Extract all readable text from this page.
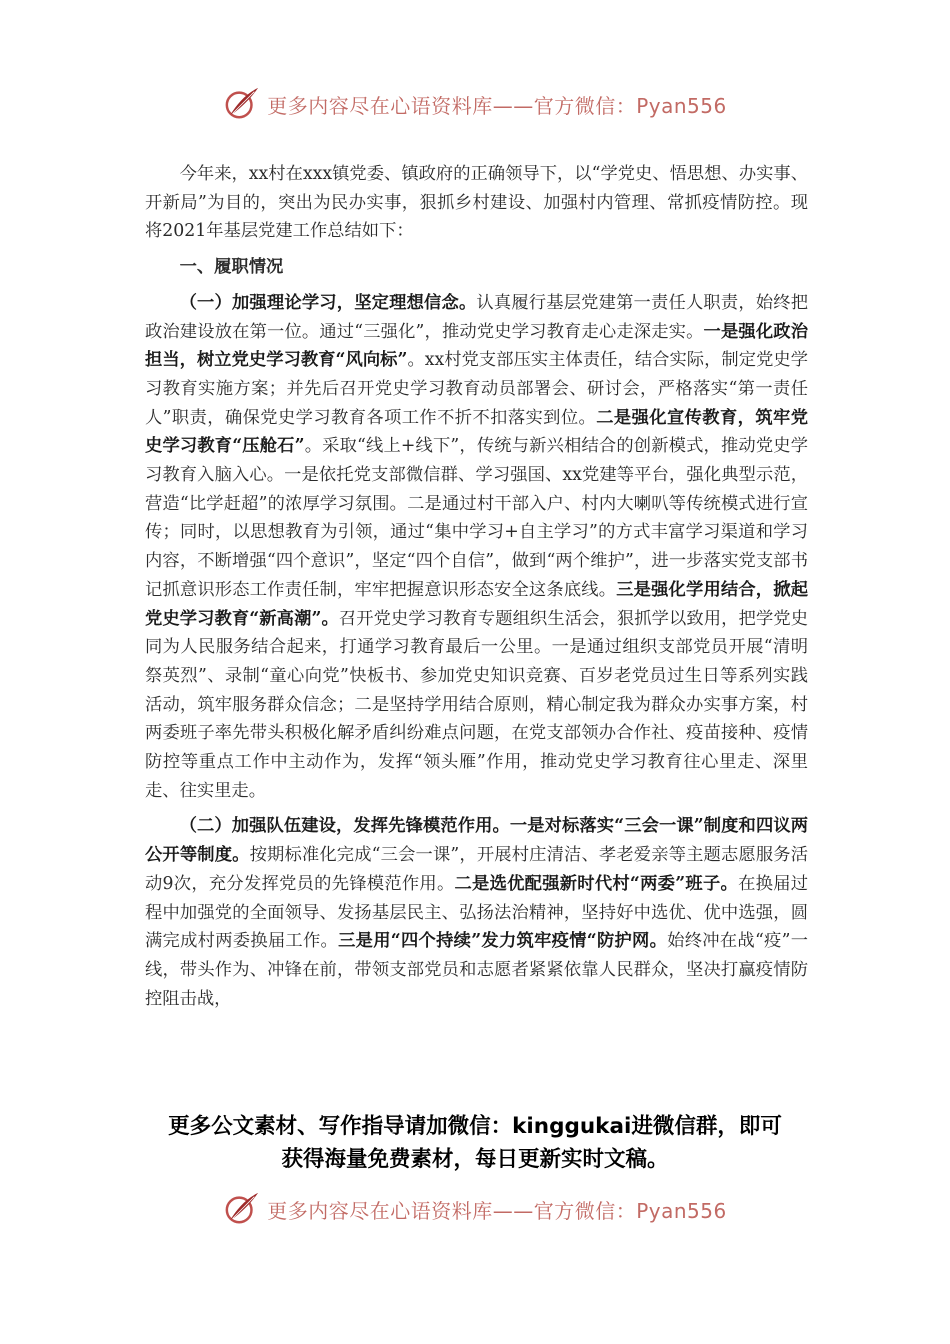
更多内容尽在心语资料库——官方微信：Pyan556

今年来，xx村在xxx镇党委、镇政府的正确领导下，以“学党史、悟思想、办实事、开新局”为目的，突出为民办实事，狠抓乡村建设、加强村内管理、常抓疫情防控。现将2021年基层党建工作总结如下：

一、履职情况

（一）加强理论学习，坚定理想信念。认真履行基层党建第一责任人职责，始终把政治建设放在第一位。通过“三强化”，推动党史学习教育走心走深走实。一是强化政治担当，树立党史学习教育“风向标”。xx村党支部压实主体责任，结合实际，制定党史学习教育实施方案；并先后召开党史学习教育动员部署会、研讨会，严格落实“第一责任人”职责，确保党史学习教育各项工作不折不扣落实到位。二是强化宣传教育，筑牢党史学习教育“压舱石”。采取“线上+线下”，传统与新兴相结合的创新模式，推动党史学习教育入脑入心。一是依托党支部微信群、学习强国、xx党建等平台，强化典型示范，营造“比学赶超”的浓厚学习氛围。二是通过村干部入户、村内大喇叭等传统模式进行宣传；同时，以思想教育为引领，通过“集中学习+自主学习”的方式丰富学习渠道和学习内容，不断增强“四个意识”，坚定“四个自信”，做到“两个维护”，进一步落实党支部书记抓意识形态工作责任制，牢牢把握意识形态安全这条底线。三是强化学用结合，掀起党史学习教育“新高潮”。召开党史学习教育专题组织生活会，狠抓学以致用，把学党史同为人民服务结合起来，打通学习教育最后一公里。一是通过组织支部党员开展“清明祭英烈”、录制“童心向党”快板书、参加党史知识竞赛、百岁老党员过生日等系列实践活动，筑牢服务群众信念；二是坚持学用结合原则，精心制定我为群众办实事方案，村两委班子率先带头积极化解矛盾纠纷难点问题，在党支部领办合作社、疫苗接种、疫情防控等重点工作中主动作为，发挥“领头雁”作用，推动党史学习教育往心里走、深里走、往实里走。

（二）加强队伍建设，发挥先锋模范作用。一是对标落实“三会一课”制度和四议两公开等制度。按期标准化完成“三会一课”，开展村庄清洁、孝老爱亲等主题志愿服务活动9次，充分发挥党员的先锋模范作用。二是选优配强新时代村“两委”班子。在换届过程中加强党的全面领导、发扬基层民主、弘扬法治精神，坚持好中选优、优中选强，圆满完成村两委换届工作。三是用“四个持续”发力筑牢疫情“防护网。始终冲在战“疫”一线，带头作为、冲锋在前，带领支部党员和志愿者紧紧依靠人民群众，坚决打赢疫情防控阻击战，

更多公文素材、写作指导请加微信：kinggukai进微信群，即可
获得海量免费素材，每日更新实时文稿。
更多内容尽在心语资料库——官方微信：Pyan556
